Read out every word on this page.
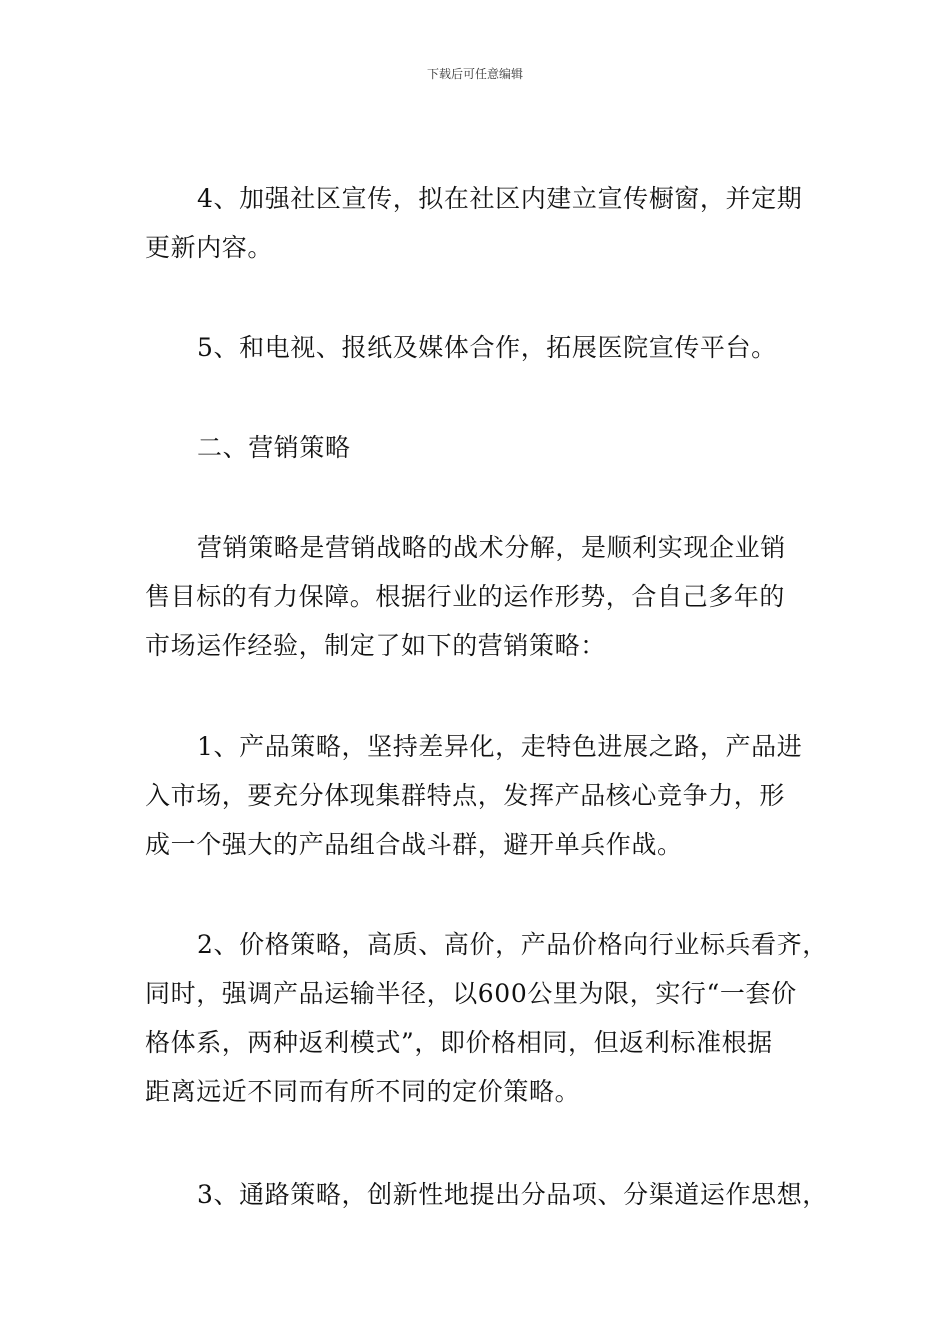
下载后可任意编辑
4、加强社区宣传，拟在社区内建立宣传橱窗，并定期
更新内容。
5、和电视、报纸及媒体合作，拓展医院宣传平台。
二、营销策略
营销策略是营销战略的战术分解，是顺利实现企业销
售目标的有力保障。根据行业的运作形势，合自己多年的
市场运作经验，制定了如下的营销策略：
1、产品策略，坚持差异化，走特色进展之路，产品进
入市场，要充分体现集群特点，发挥产品核心竞争力，形
成一个强大的产品组合战斗群，避开单兵作战。
2、价格策略，高质、高价，产品价格向行业标兵看齐，
同时，强调产品运输半径，以600公里为限，实行“一套价
格体系，两种返利模式”，即价格相同，但返利标准根据
距离远近不同而有所不同的定价策略。
3、通路策略，创新性地提出分品项、分渠道运作思想，
